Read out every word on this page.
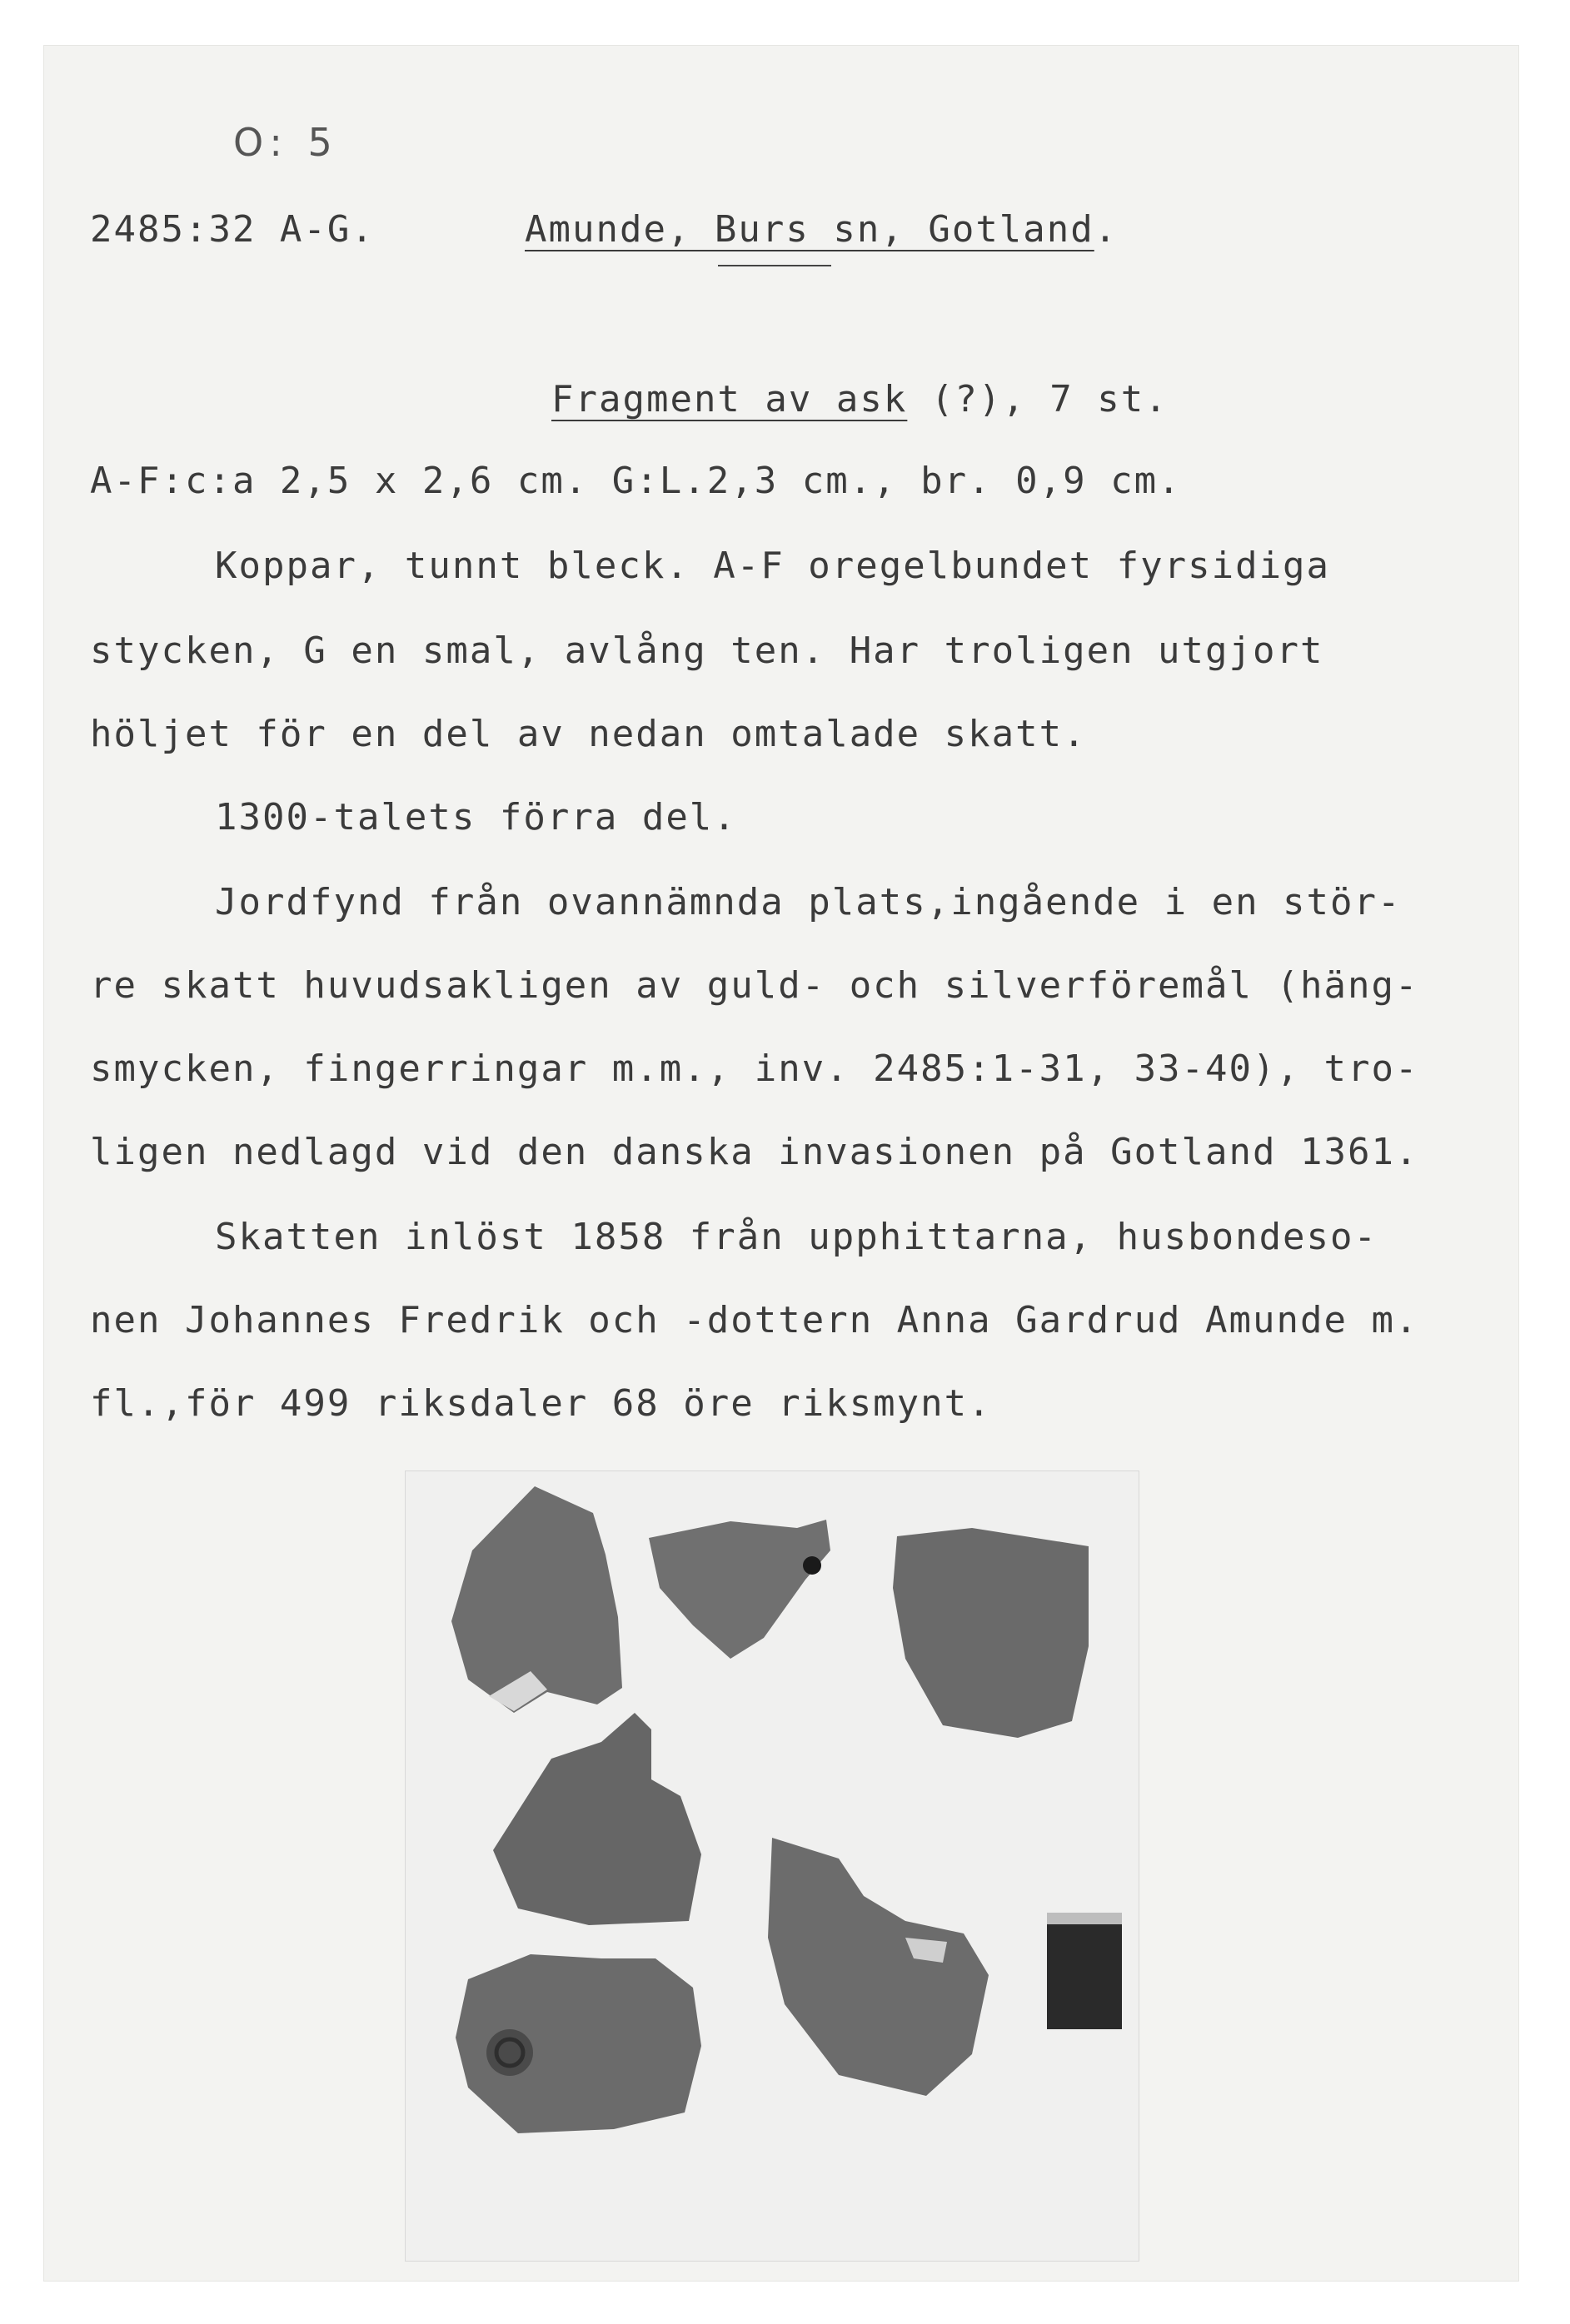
O: 5
2485:32 A-G.	Amunde, Burs sn, Gotland.
Fragment av ask (?), 7 st.
A-F:c:a 2,5 x 2,6 cm. G:L.2,3 cm., br. 0,9 cm.
Koppar, tunnt bleck. A-F oregelbundet fyrsidiga
stycken, G en smal, avlång ten. Har troligen utgjort
höljet för en del av nedan omtalade skatt.
1300-talets förra del.
Jordfynd från ovannämnda plats,ingående i en stör-
re skatt huvudsakligen av guld- och silverföremål (häng-
smycken, fingerringar m.m., inv. 2485:1-31, 33-40), tro-
ligen nedlagd vid den danska invasionen på Gotland 1361.
Skatten inlöst 1858 från upphittarna, husbondeso-
nen Johannes Fredrik och -dottern Anna Gardrud Amunde m.
fl.,för 499 riksdaler 68 öre riksmynt.
